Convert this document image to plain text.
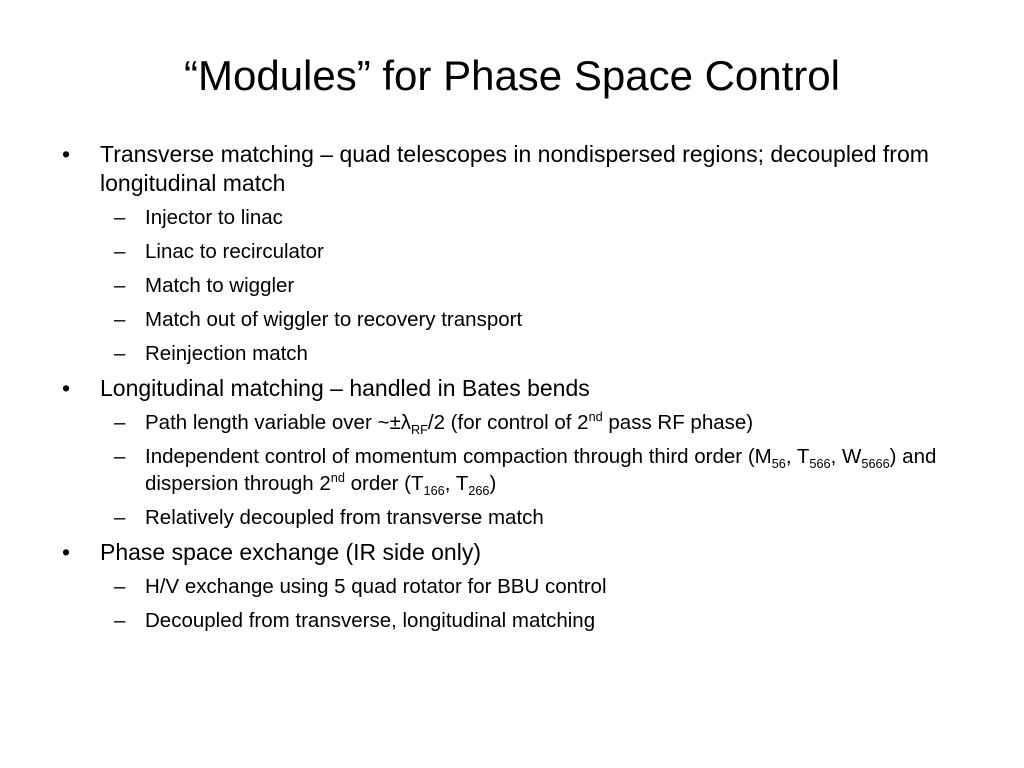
“Modules” for Phase Space Control
•	Transverse matching – quad telescopes in nondispersed regions; decoupled from longitudinal match
– Injector to linac
– Linac to recirculator
– Match to wiggler
– Match out of wiggler to recovery transport
– Reinjection match
•	Longitudinal matching – handled in Bates bends
– Path length variable over $\sim\pm\lambda_{RF}/2$ (for control of 2nd pass RF phase)
– Independent control of momentum compaction through third order ($M_{56}$, $T_{566}$, $W_{5666}$) and dispersion through 2nd order ($T_{166}$, $T_{266}$)
– Relatively decoupled from transverse match
•	Phase space exchange (IR side only)
– H/V exchange using 5 quad rotator for BBU control
– Decoupled from transverse, longitudinal matching
